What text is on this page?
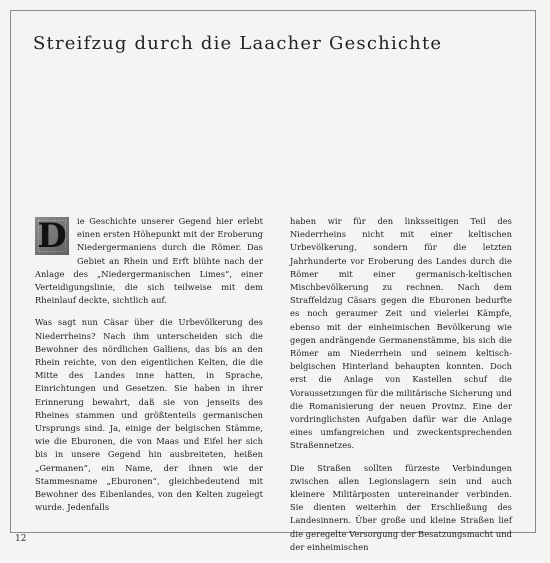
Streifzug durch die Laacher Geschichte

D ie Geschichte unserer Gegend hier erlebt einen ersten Höhepunkt mit der Eroberung Niedergermaniens durch die Römer. Das Gebiet an Rhein und Erft blühte nach der Anlage des „Niedergermanischen Limes“, einer Verteidigungslinie, die sich teilweise mit dem Rheinlauf deckte, sichtlich auf.

Was sagt nun Cäsar über die Urbevölkerung des Niederrheins? Nach ihm unterscheiden sich die Bewohner des nördlichen Galliens, das bis an den Rhein reichte, von den eigentlichen Kelten, die die Mitte des Landes inne hatten, in Sprache, Einrichtungen und Gesetzen. Sie haben in ihrer Erinnerung bewahrt, daß sie von jenseits des Rheines stammen und größtenteils germanischen Ursprungs sind. Ja, einige der belgischen Stämme, wie die Eburonen, die von Maas und Eifel her sich bis in unsere Gegend hin ausbreiteten, heißen „Germanen“, ein Name, der ihnen wie der Stammesname „Eburonen“, gleichbedeutend mit Bewohner des Eibenlandes, von den Kelten zugelegt wurde. Jedenfalls

haben wir für den linksseitigen Teil des Niederrheins nicht mit einer keltischen Urbevölkerung, sondern für die letzten Jahrhunderte vor Eroberung des Landes durch die Römer mit einer germanisch-keltischen Mischbevölkerung zu rechnen. Nach dem Straffeldzug Cäsars gegen die Eburonen bedurfte es noch geraumer Zeit und vielerlei Kämpfe, ebenso mit der einheimischen Bevölkerung wie gegen andrängende Germanenstämme, bis sich die Römer am Niederrhein und seinem keltisch-belgischen Hinterland behaupten konnten. Doch erst die Anlage von Kastellen schuf die Voraussetzungen für die militärische Sicherung und die Romanisierung der neuen Provinz. Eine der vordringlichsten Aufgaben dafür war die Anlage eines umfangreichen und zweckentsprechenden Straßennetzes.

Die Straßen sollten fürzeste Verbindungen zwischen allen Legionslagern sein und auch kleinere Militärposten untereinander verbinden. Sie dienten weiterhin der Erschließung des Landesinnern. Über große und kleine Straßen lief die geregelte Versorgung der Besatzungsmacht und der einheimischen

12
